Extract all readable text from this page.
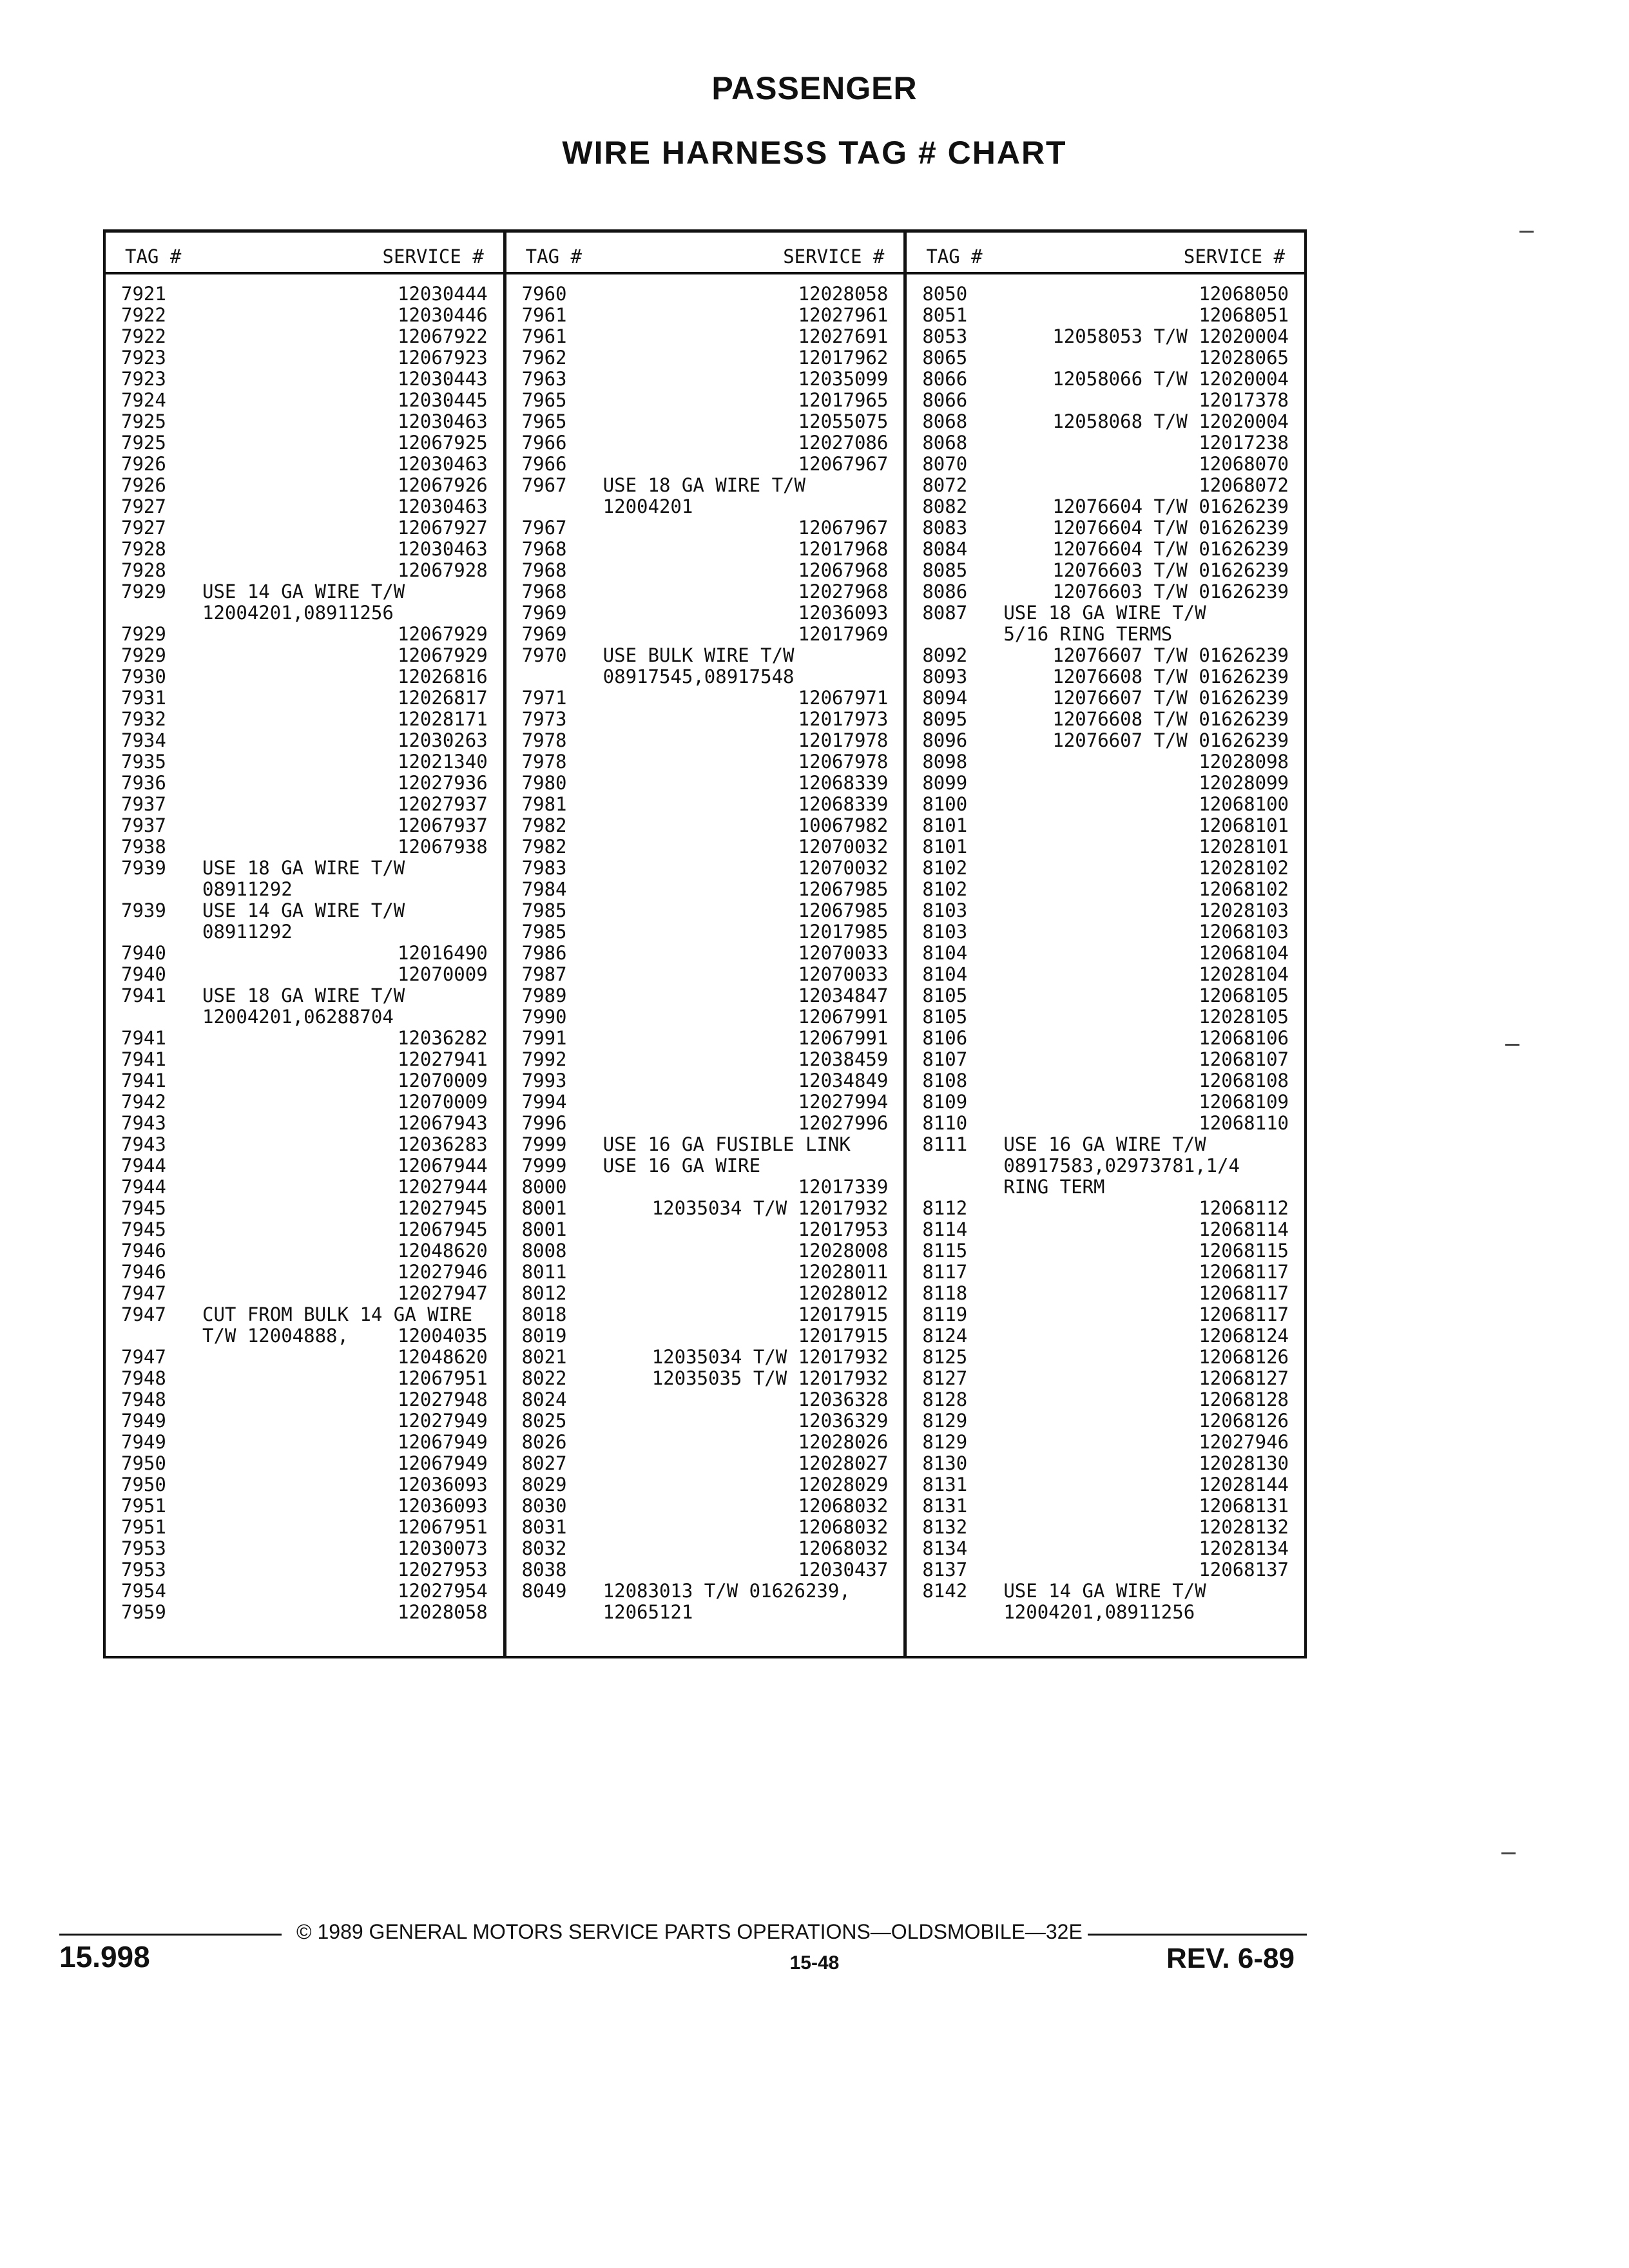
PASSENGER
WIRE HARNESS TAG # CHART
TAG #	SERVICE #
7921	12030444
7922	12030446
7922	12067922
7923	12067923
7923	12030443
7924	12030445
7925	12030463
7925	12067925
7926	12030463
7926	12067926
7927	12030463
7927	12067927
7928	12030463
7928	12067928
7929	USE 14 GA WIRE T/W
12004201,08911256
7929	12067929
7929	12067929
7930	12026816
7931	12026817
7932	12028171
7934	12030263
7935	12021340
7936	12027936
7937	12027937
7937	12067937
7938	12067938
7939	USE 18 GA WIRE T/W
08911292
7939	USE 14 GA WIRE T/W
08911292
7940	12016490
7940	12070009
7941	USE 18 GA WIRE T/W
12004201,06288704
7941	12036282
7941	12027941
7941	12070009
7942	12070009
7943	12067943
7943	12036283
7944	12067944
7944	12027944
7945	12027945
7945	12067945
7946	12048620
7946	12027946
7947	12027947
7947	CUT FROM BULK 14 GA WIRE
T/W 12004888,	12004035
7947	12048620
7948	12067951
7948	12027948
7949	12027949
7949	12067949
7950	12067949
7950	12036093
7951	12036093
7951	12067951
7953	12030073
7953	12027953
7954	12027954
7959	12028058
TAG #	SERVICE #
7960	12028058
7961	12027961
7961	12027691
7962	12017962
7963	12035099
7965	12017965
7965	12055075
7966	12027086
7966	12067967
7967	USE 18 GA WIRE T/W
12004201
7967	12067967
7968	12017968
7968	12067968
7968	12027968
7969	12036093
7969	12017969
7970	USE BULK WIRE T/W
08917545,08917548
7971	12067971
7973	12017973
7978	12017978
7978	12067978
7980	12068339
7981	12068339
7982	10067982
7982	12070032
7983	12070032
7984	12067985
7985	12067985
7985	12017985
7986	12070033
7987	12070033
7989	12034847
7990	12067991
7991	12067991
7992	12038459
7993	12034849
7994	12027994
7996	12027996
7999	USE 16 GA FUSIBLE LINK
7999	USE 16 GA WIRE
8000	12017339
8001	12035034 T/W 12017932
8001	12017953
8008	12028008
8011	12028011
8012	12028012
8018	12017915
8019	12017915
8021	12035034 T/W 12017932
8022	12035035 T/W 12017932
8024	12036328
8025	12036329
8026	12028026
8027	12028027
8029	12028029
8030	12068032
8031	12068032
8032	12068032
8038	12030437
8049	12083013 T/W 01626239,
12065121
TAG #	SERVICE #
8050	12068050
8051	12068051
8053	12058053 T/W 12020004
8065	12028065
8066	12058066 T/W 12020004
8066	12017378
8068	12058068 T/W 12020004
8068	12017238
8070	12068070
8072	12068072
8082	12076604 T/W 01626239
8083	12076604 T/W 01626239
8084	12076604 T/W 01626239
8085	12076603 T/W 01626239
8086	12076603 T/W 01626239
8087	USE 18 GA WIRE T/W
5/16 RING TERMS
8092	12076607 T/W 01626239
8093	12076608 T/W 01626239
8094	12076607 T/W 01626239
8095	12076608 T/W 01626239
8096	12076607 T/W 01626239
8098	12028098
8099	12028099
8100	12068100
8101	12068101
8101	12028101
8102	12028102
8102	12068102
8103	12028103
8103	12068103
8104	12068104
8104	12028104
8105	12068105
8105	12028105
8106	12068106
8107	12068107
8108	12068108
8109	12068109
8110	12068110
8111	USE 16 GA WIRE T/W
08917583,02973781,1/4
RING TERM
8112	12068112
8114	12068114
8115	12068115
8117	12068117
8118	12068117
8119	12068117
8124	12068124
8125	12068126
8127	12068127
8128	12068128
8129	12068126
8129	12027946
8130	12028130
8131	12028144
8131	12068131
8132	12028132
8134	12028134
8137	12068137
8142	USE 14 GA WIRE T/W
12004201,08911256
15.998
© 1989 GENERAL MOTORS SERVICE PARTS OPERATIONS—OLDSMOBILE—32E
15-48	REV. 6-89
